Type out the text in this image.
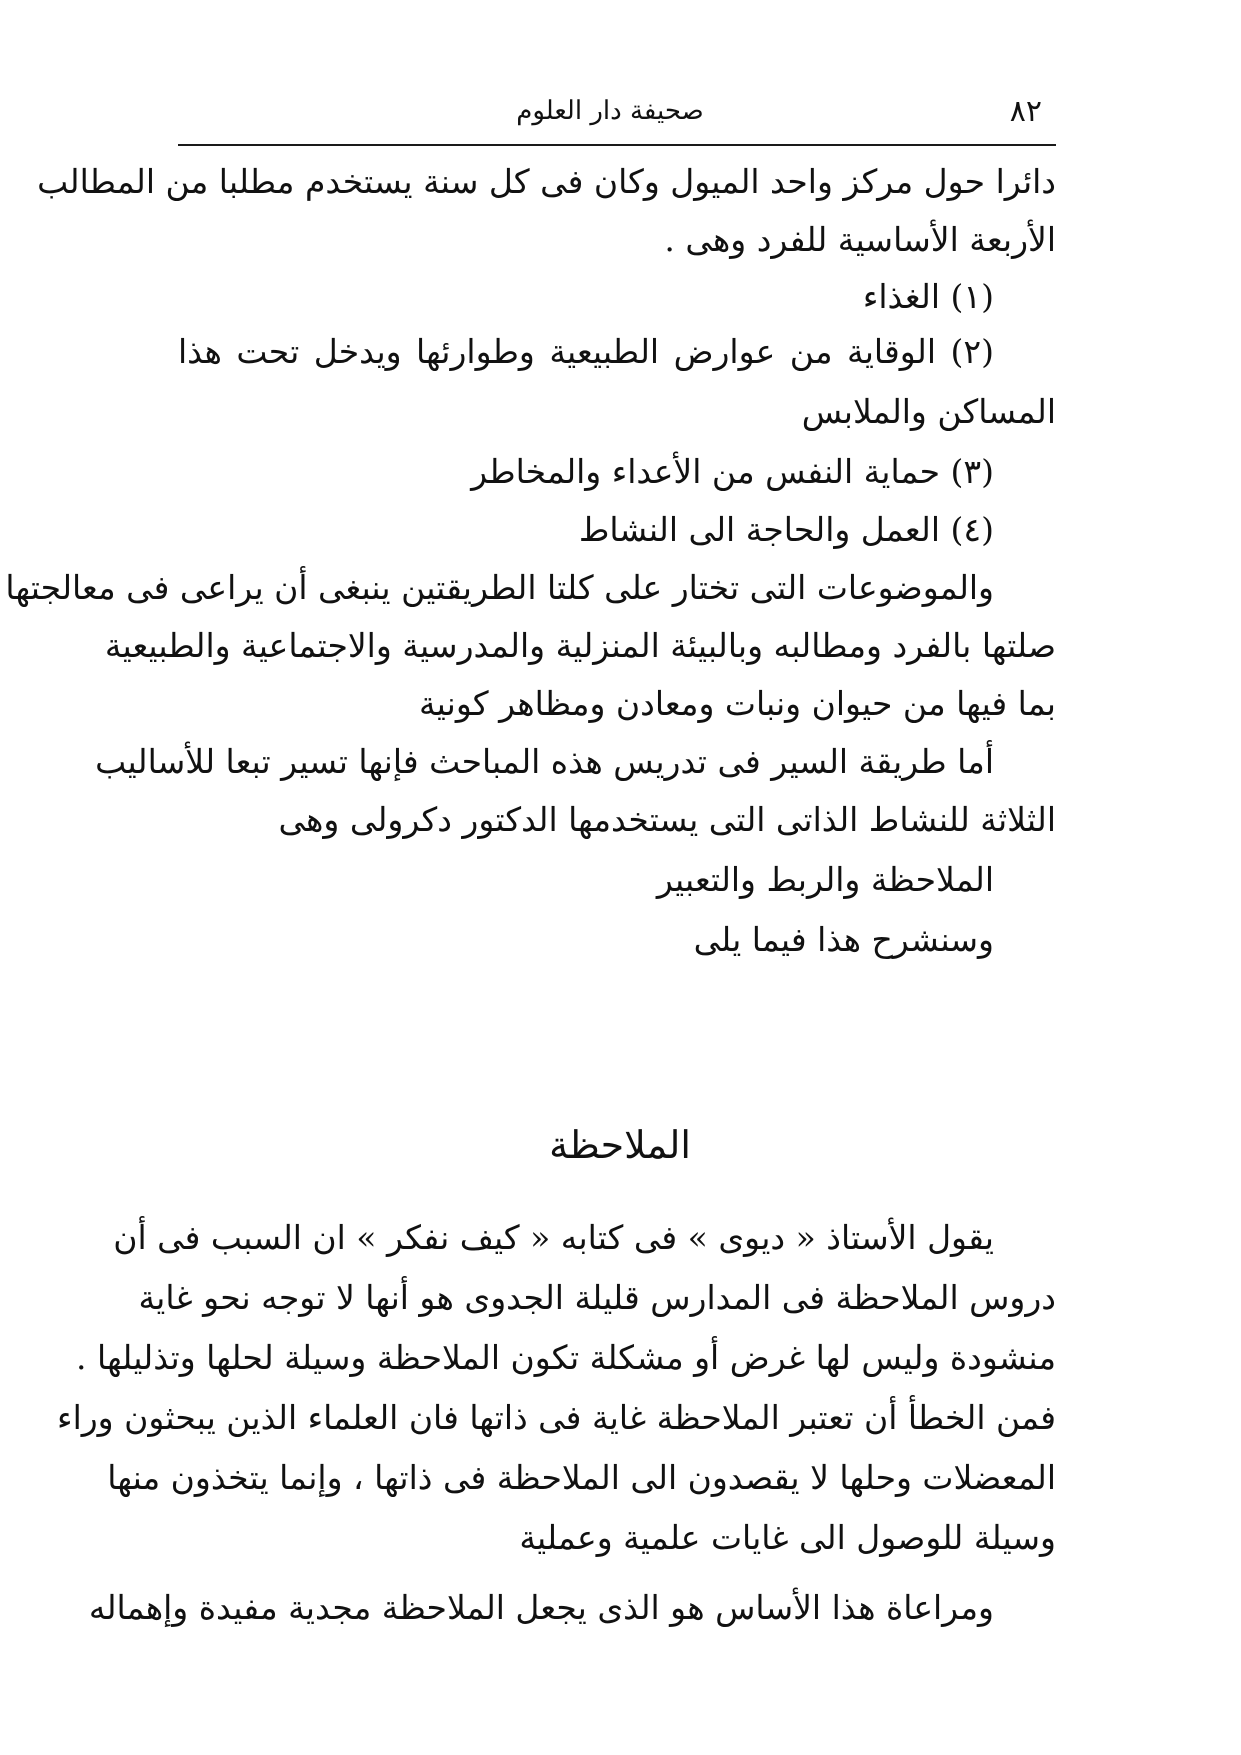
٨٢
صحيفة دار العلوم
دائرا حول مركز واحد الميول وكان فى كل سنة يستخدم مطلبا من المطالب
الأربعة الأساسية للفرد وهى .
(١) الغذاء
(٢) الوقاية من عوارض الطبيعية وطوارئها ويدخل تحت هذا
المساكن والملابس
(٣) حماية النفس من الأعداء والمخاطر
(٤) العمل والحاجة الى النشاط
والموضوعات التى تختار على كلتا الطريقتين ينبغى أن يراعى فى معالجتها
صلتها بالفرد ومطالبه وبالبيئة المنزلية والمدرسية والاجتماعية والطبيعية
بما فيها من حيوان ونبات ومعادن ومظاهر كونية
أما طريقة السير فى تدريس هذه المباحث فإنها تسير تبعا للأساليب
الثلاثة للنشاط الذاتى التى يستخدمها الدكتور دكرولى وهى
الملاحظة والربط والتعبير
وسنشرح هذا فيما يلى
الملاحظة
يقول الأستاذ « ديوى » فى كتابه « كيف نفكر » ان السبب فى أن
دروس الملاحظة فى المدارس قليلة الجدوى هو أنها لا توجه نحو غاية
منشودة وليس لها غرض أو مشكلة تكون الملاحظة وسيلة لحلها وتذليلها .
فمن الخطأ أن تعتبر الملاحظة غاية فى ذاتها فان العلماء الذين يبحثون وراء
المعضلات وحلها لا يقصدون الى الملاحظة فى ذاتها ، وإنما يتخذون منها
وسيلة للوصول الى غايات علمية وعملية
ومراعاة هذا الأساس هو الذى يجعل الملاحظة مجدية مفيدة وإهماله
